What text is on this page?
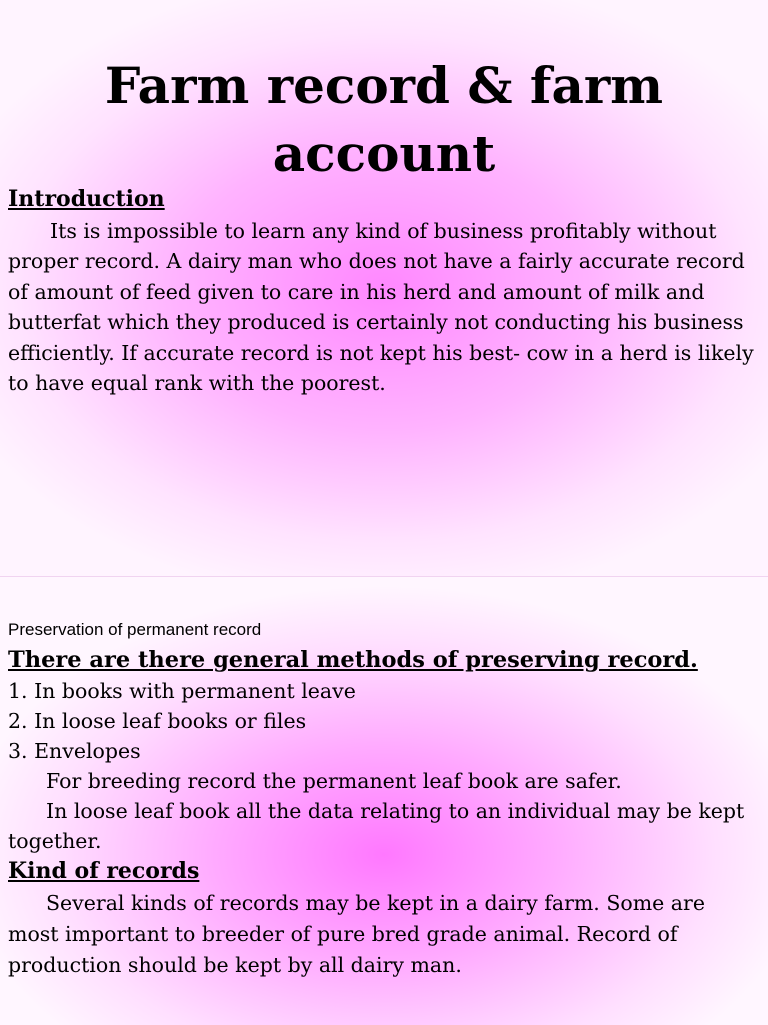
Farm record & farm
account
Introduction

Its is impossible to learn any kind of business profitably without proper record. A dairy man who does not have a fairly accurate record of amount of feed given to care in his herd and amount of milk and butterfat which they produced is certainly not conducting his business efficiently. If accurate record is not kept his best- cow in a herd is likely to have equal rank with the poorest.

Preservation of permanent record
There are there general methods of preserving record.
1. In books with permanent leave
2. In loose leaf books or files
3. Envelopes
For breeding record the permanent leaf book are safer.

In loose leaf book all the data relating to an individual may be kept together.

Kind of records

Several kinds of records may be kept in a dairy farm. Some are most important to breeder of pure bred grade animal. Record of production should be kept by all dairy man.
